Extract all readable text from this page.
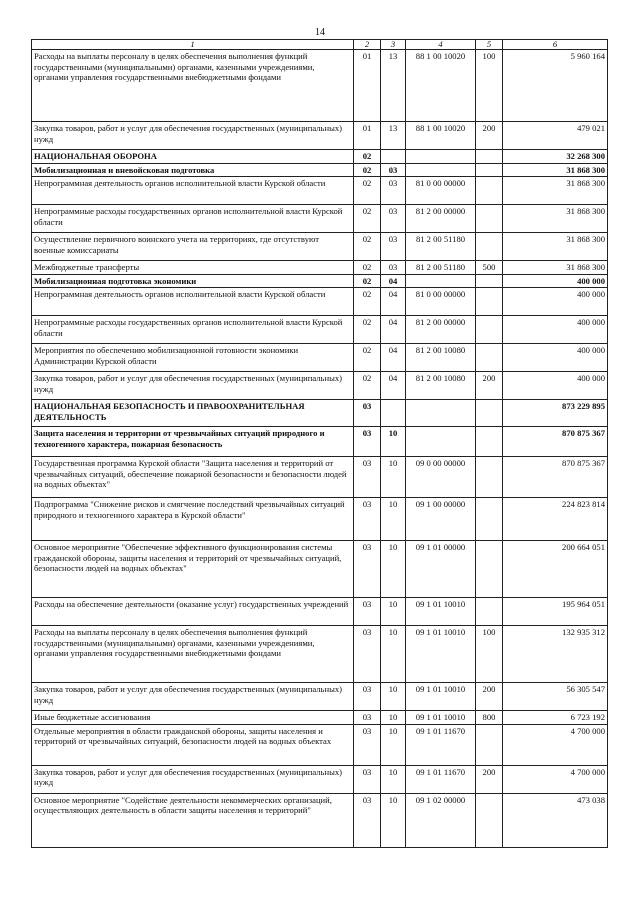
14
1	2	3	4	5	6
Расходы на выплаты персоналу в целях обеспечения выполнения функций государственными (муниципальными) органами, казенными учреждениями, органами управления государственными внебюджетными фондами	01	13	88 1 00 10020	100	5 960 164
Закупка товаров, работ и услуг для обеспечения государственных (муниципальных) нужд	01	13	88 1 00 10020	200	479 021
НАЦИОНАЛЬНАЯ ОБОРОНА	02				32 268 300
Мобилизационная и вневойсковая подготовка	02	03			31 868 300
Непрограммная деятельность органов исполнительной власти Курской области	02	03	81 0 00 00000		31 868 300
Непрограммные расходы государственных органов исполнительной власти Курской области	02	03	81 2 00 00000		31 868 300
Осуществление первичного воинского учета на территориях, где отсутствуют военные комиссариаты	02	03	81 2 00 51180		31 868 300
Межбюджетные трансферты	02	03	81 2 00 51180	500	31 868 300
Мобилизационная подготовка экономики	02	04			400 000
Непрограммная деятельность органов исполнительной власти Курской области	02	04	81 0 00 00000		400 000
Непрограммные расходы государственных органов исполнительной власти Курской области	02	04	81 2 00 00000		400 000
Мероприятия по обеспечению мобилизационной готовности экономики Администрации Курской области	02	04	81 2 00 10080		400 000
Закупка товаров, работ и услуг для обеспечения государственных (муниципальных) нужд	02	04	81 2 00 10080	200	400 000
НАЦИОНАЛЬНАЯ БЕЗОПАСНОСТЬ И ПРАВООХРАНИТЕЛЬНАЯ ДЕЯТЕЛЬНОСТЬ	03				873 229 895
Защита населения и территории от чрезвычайных ситуаций природного и техногенного характера, пожарная безопасность	03	10			870 875 367
Государственная программа Курской области "Защита населения и территорий от чрезвычайных ситуаций, обеспечение пожарной безопасности и безопасности людей на водных объектах"	03	10	09 0 00 00000		870 875 367
Подпрограмма "Снижение рисков и смягчение последствий чрезвычайных ситуаций природного и техногенного характера в Курской области"	03	10	09 1 00 00000		224 823 814
Основное мероприятие "Обеспечение эффективного функционирования системы гражданской обороны, защиты населения и территорий от чрезвычайных ситуаций, безопасности людей на водных объектах"	03	10	09 1 01 00000		200 664 051
Расходы на обеспечение деятельности (оказание услуг) государственных учреждений	03	10	09 1 01 10010		195 964 051
Расходы на выплаты персоналу в целях обеспечения выполнения функций государственными (муниципальными) органами, казенными учреждениями, органами управления государственными внебюджетными фондами	03	10	09 1 01 10010	100	132 935 312
Закупка товаров, работ и услуг для обеспечения государственных (муниципальных) нужд	03	10	09 1 01 10010	200	56 305 547
Иные бюджетные ассигнования	03	10	09 1 01 10010	800	6 723 192
Отдельные мероприятия в области гражданской обороны, защиты населения и территорий от чрезвычайных ситуаций, безопасности людей на водных объектах	03	10	09 1 01 11670		4 700 000
Закупка товаров, работ и услуг для обеспечения государственных (муниципальных) нужд	03	10	09 1 01 11670	200	4 700 000
Основное мероприятие "Содействие деятельности некоммерческих организаций, осуществляющих деятельность в области защиты населения и территорий"	03	10	09 1 02 00000		473 038
